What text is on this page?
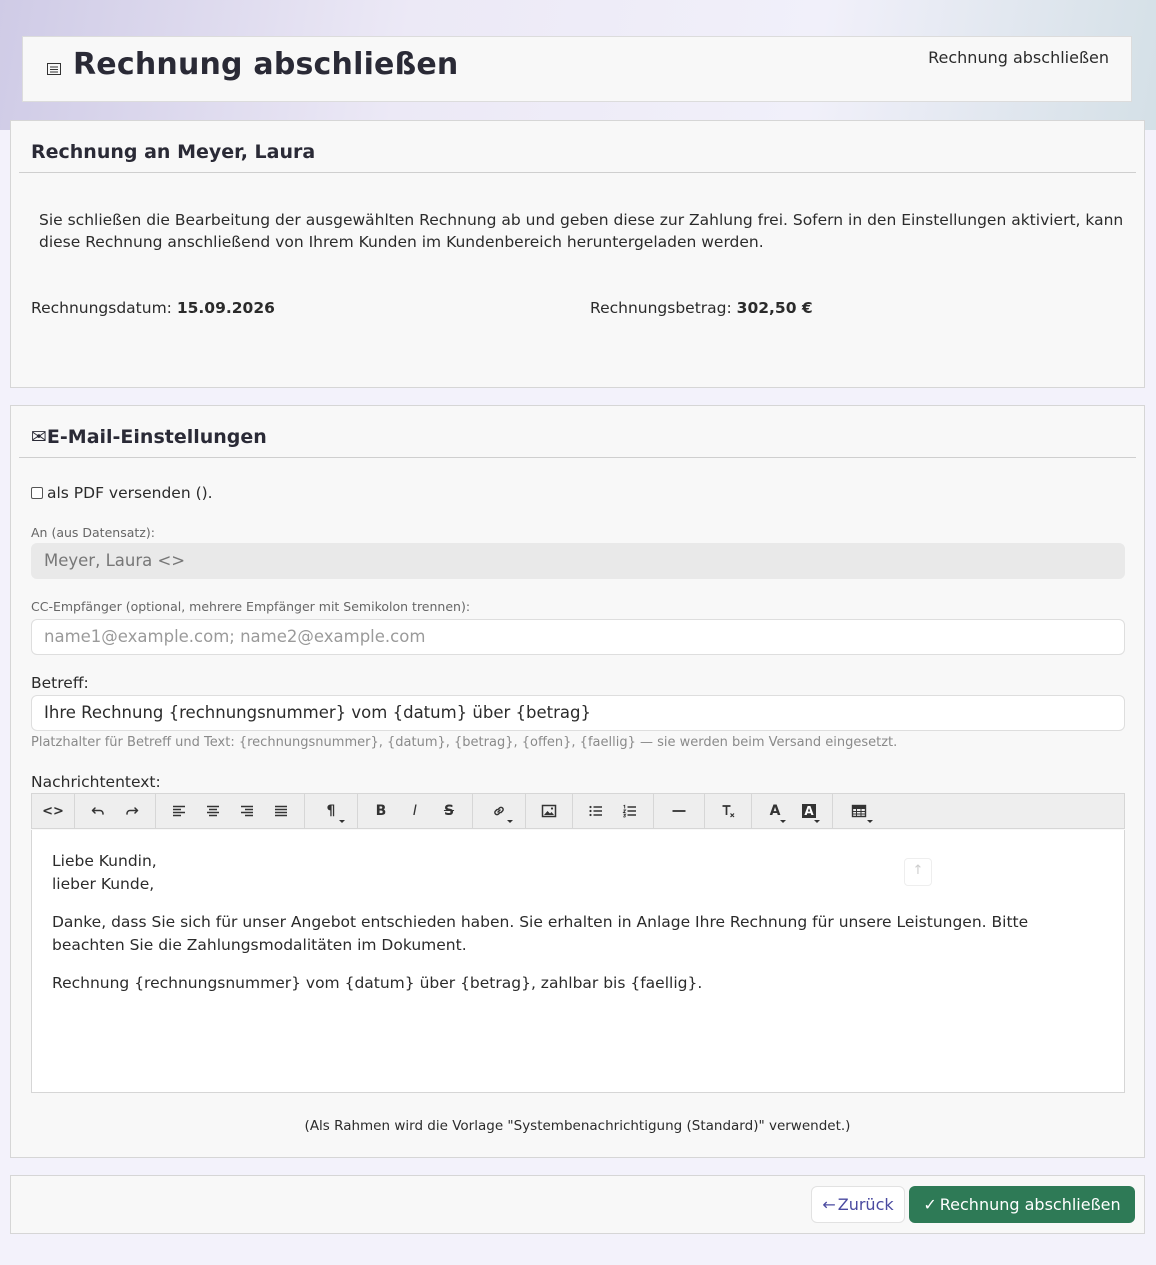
Rechnung abschließen	Rechnung abschließen
Rechnung an Meyer, Laura
Sie schließen die Bearbeitung der ausgewählten Rechnung ab und geben diese zur Zahlung frei. Sofern in den Einstellungen aktiviert, kann diese Rechnung anschließend von Ihrem Kunden im Kundenbereich heruntergeladen werden.
Rechnungsdatum: 15.09.2026	Rechnungsbetrag: 302,50 €
✉E-Mail-Einstellungen
als PDF versenden ().
An (aus Datensatz):
Meyer, Laura <>
CC-Empfänger (optional, mehrere Empfänger mit Semikolon trennen):
name1@example.com; name2@example.com
Betreff:
Ihre Rechnung {rechnungsnummer} vom {datum} über {betrag}
Platzhalter für Betreff und Text: {rechnungsnummer}, {datum}, {betrag}, {offen}, {faellig} — sie werden beim Versand eingesetzt.
Nachrichtentext:
<>	¶	B I S	A A

Liebe Kundin,
lieber Kunde,

Danke, dass Sie sich für unser Angebot entschieden haben. Sie erhalten in Anlage Ihre Rechnung für unsere Leistungen. Bitte beachten Sie die Zahlungsmodalitäten im Dokument.

Rechnung {rechnungsnummer} vom {datum} über {betrag}, zahlbar bis {faellig}.

↑
(Als Rahmen wird die Vorlage "Systembenachrichtigung (Standard)" verwendet.)
← Zurück ✓ Rechnung abschließen
